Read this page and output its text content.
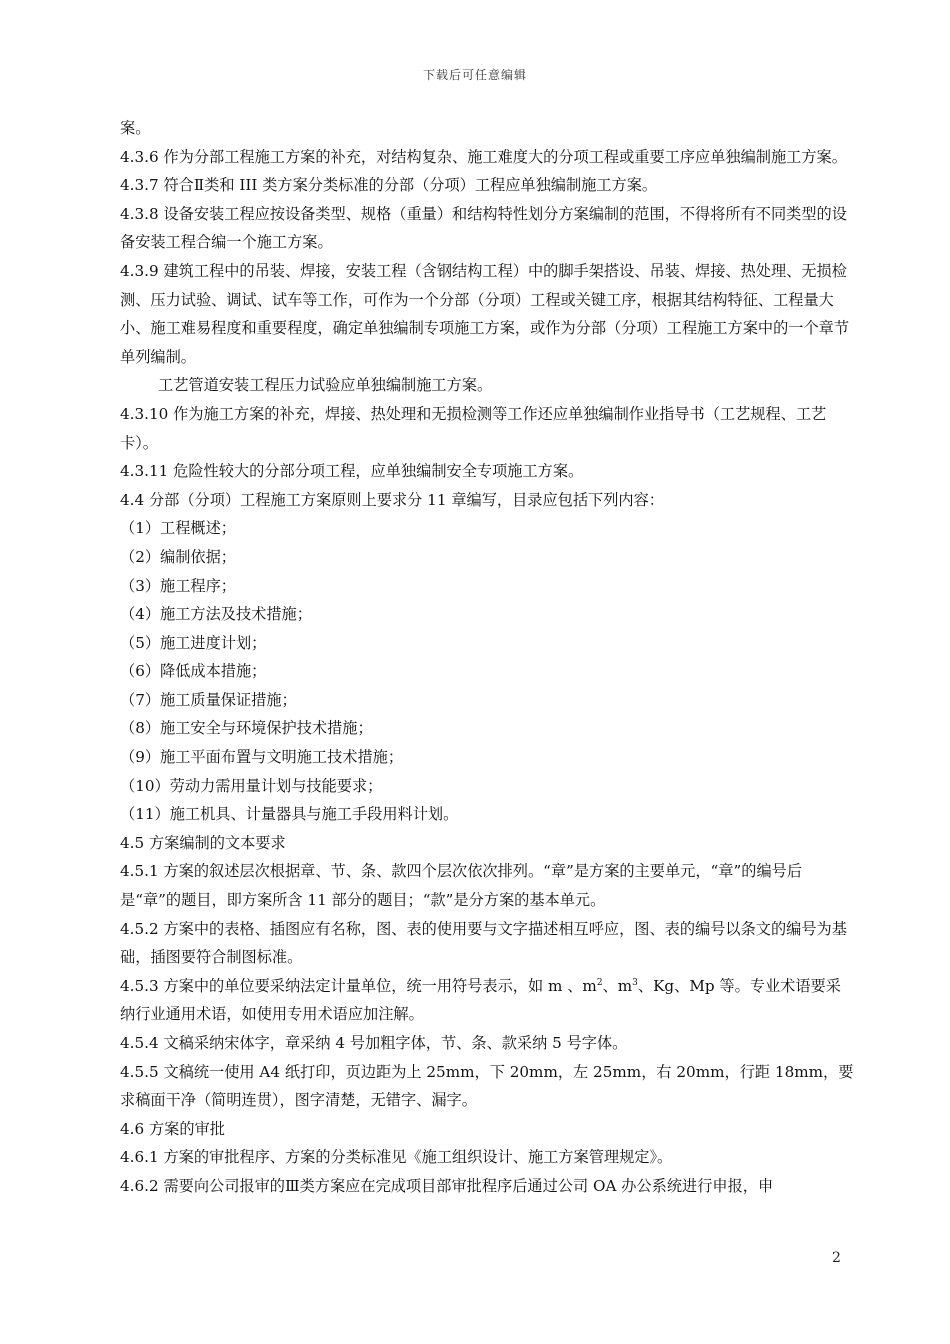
下载后可任意编辑

案。

4.3.6 作为分部工程施工方案的补充，对结构复杂、施工难度大的分项工程或重要工序应单独编制施工方案。

4.3.7 符合Ⅱ类和 III 类方案分类标准的分部（分项）工程应单独编制施工方案。

4.3.8 设备安装工程应按设备类型、规格（重量）和结构特性划分方案编制的范围，不得将所有不同类型的设备安装工程合编一个施工方案。

4.3.9 建筑工程中的吊装、焊接，安装工程（含钢结构工程）中的脚手架搭设、吊装、焊接、热处理、无损检测、压力试验、调试、试车等工作，可作为一个分部（分项）工程或关键工序，根据其结构特征、工程量大小、施工难易程度和重要程度，确定单独编制专项施工方案，或作为分部（分项）工程施工方案中的一个章节单列编制。

工艺管道安装工程压力试验应单独编制施工方案。

4.3.10 作为施工方案的补充，焊接、热处理和无损检测等工作还应单独编制作业指导书（工艺规程、工艺卡）。

4.3.11 危险性较大的分部分项工程，应单独编制安全专项施工方案。

4.4 分部（分项）工程施工方案原则上要求分 11 章编写，目录应包括下列内容：

（1）工程概述；

（2）编制依据；

（3）施工程序；

（4）施工方法及技术措施；

（5）施工进度计划；

（6）降低成本措施；

（7）施工质量保证措施；

（8）施工安全与环境保护技术措施；

（9）施工平面布置与文明施工技术措施；

（10）劳动力需用量计划与技能要求；

（11）施工机具、计量器具与施工手段用料计划。

4.5 方案编制的文本要求

4.5.1 方案的叙述层次根据章、节、条、款四个层次依次排列。“章”是方案的主要单元，“章”的编号后是“章”的题目，即方案所含 11 部分的题目；“款”是分方案的基本单元。

4.5.2 方案中的表格、插图应有名称，图、表的使用要与文字描述相互呼应，图、表的编号以条文的编号为基础，插图要符合制图标准。

4.5.3 方案中的单位要采纳法定计量单位，统一用符号表示，如 m 、$m^2$、$m^3$、Kg、Mp 等。专业术语要采纳行业通用术语，如使用专用术语应加注解。

4.5.4 文稿采纳宋体字，章采纳 4 号加粗字体，节、条、款采纳 5 号字体。

4.5.5 文稿统一使用 A4 纸打印，页边距为上 25mm，下 20mm，左 25mm，右 20mm，行距 18mm，要求稿面干净（简明连贯），图字清楚，无错字、漏字。

4.6 方案的审批

4.6.1 方案的审批程序、方案的分类标准见《施工组织设计、施工方案管理规定》。

4.6.2 需要向公司报审的Ⅲ类方案应在完成项目部审批程序后通过公司 OA 办公系统进行申报，申

2
